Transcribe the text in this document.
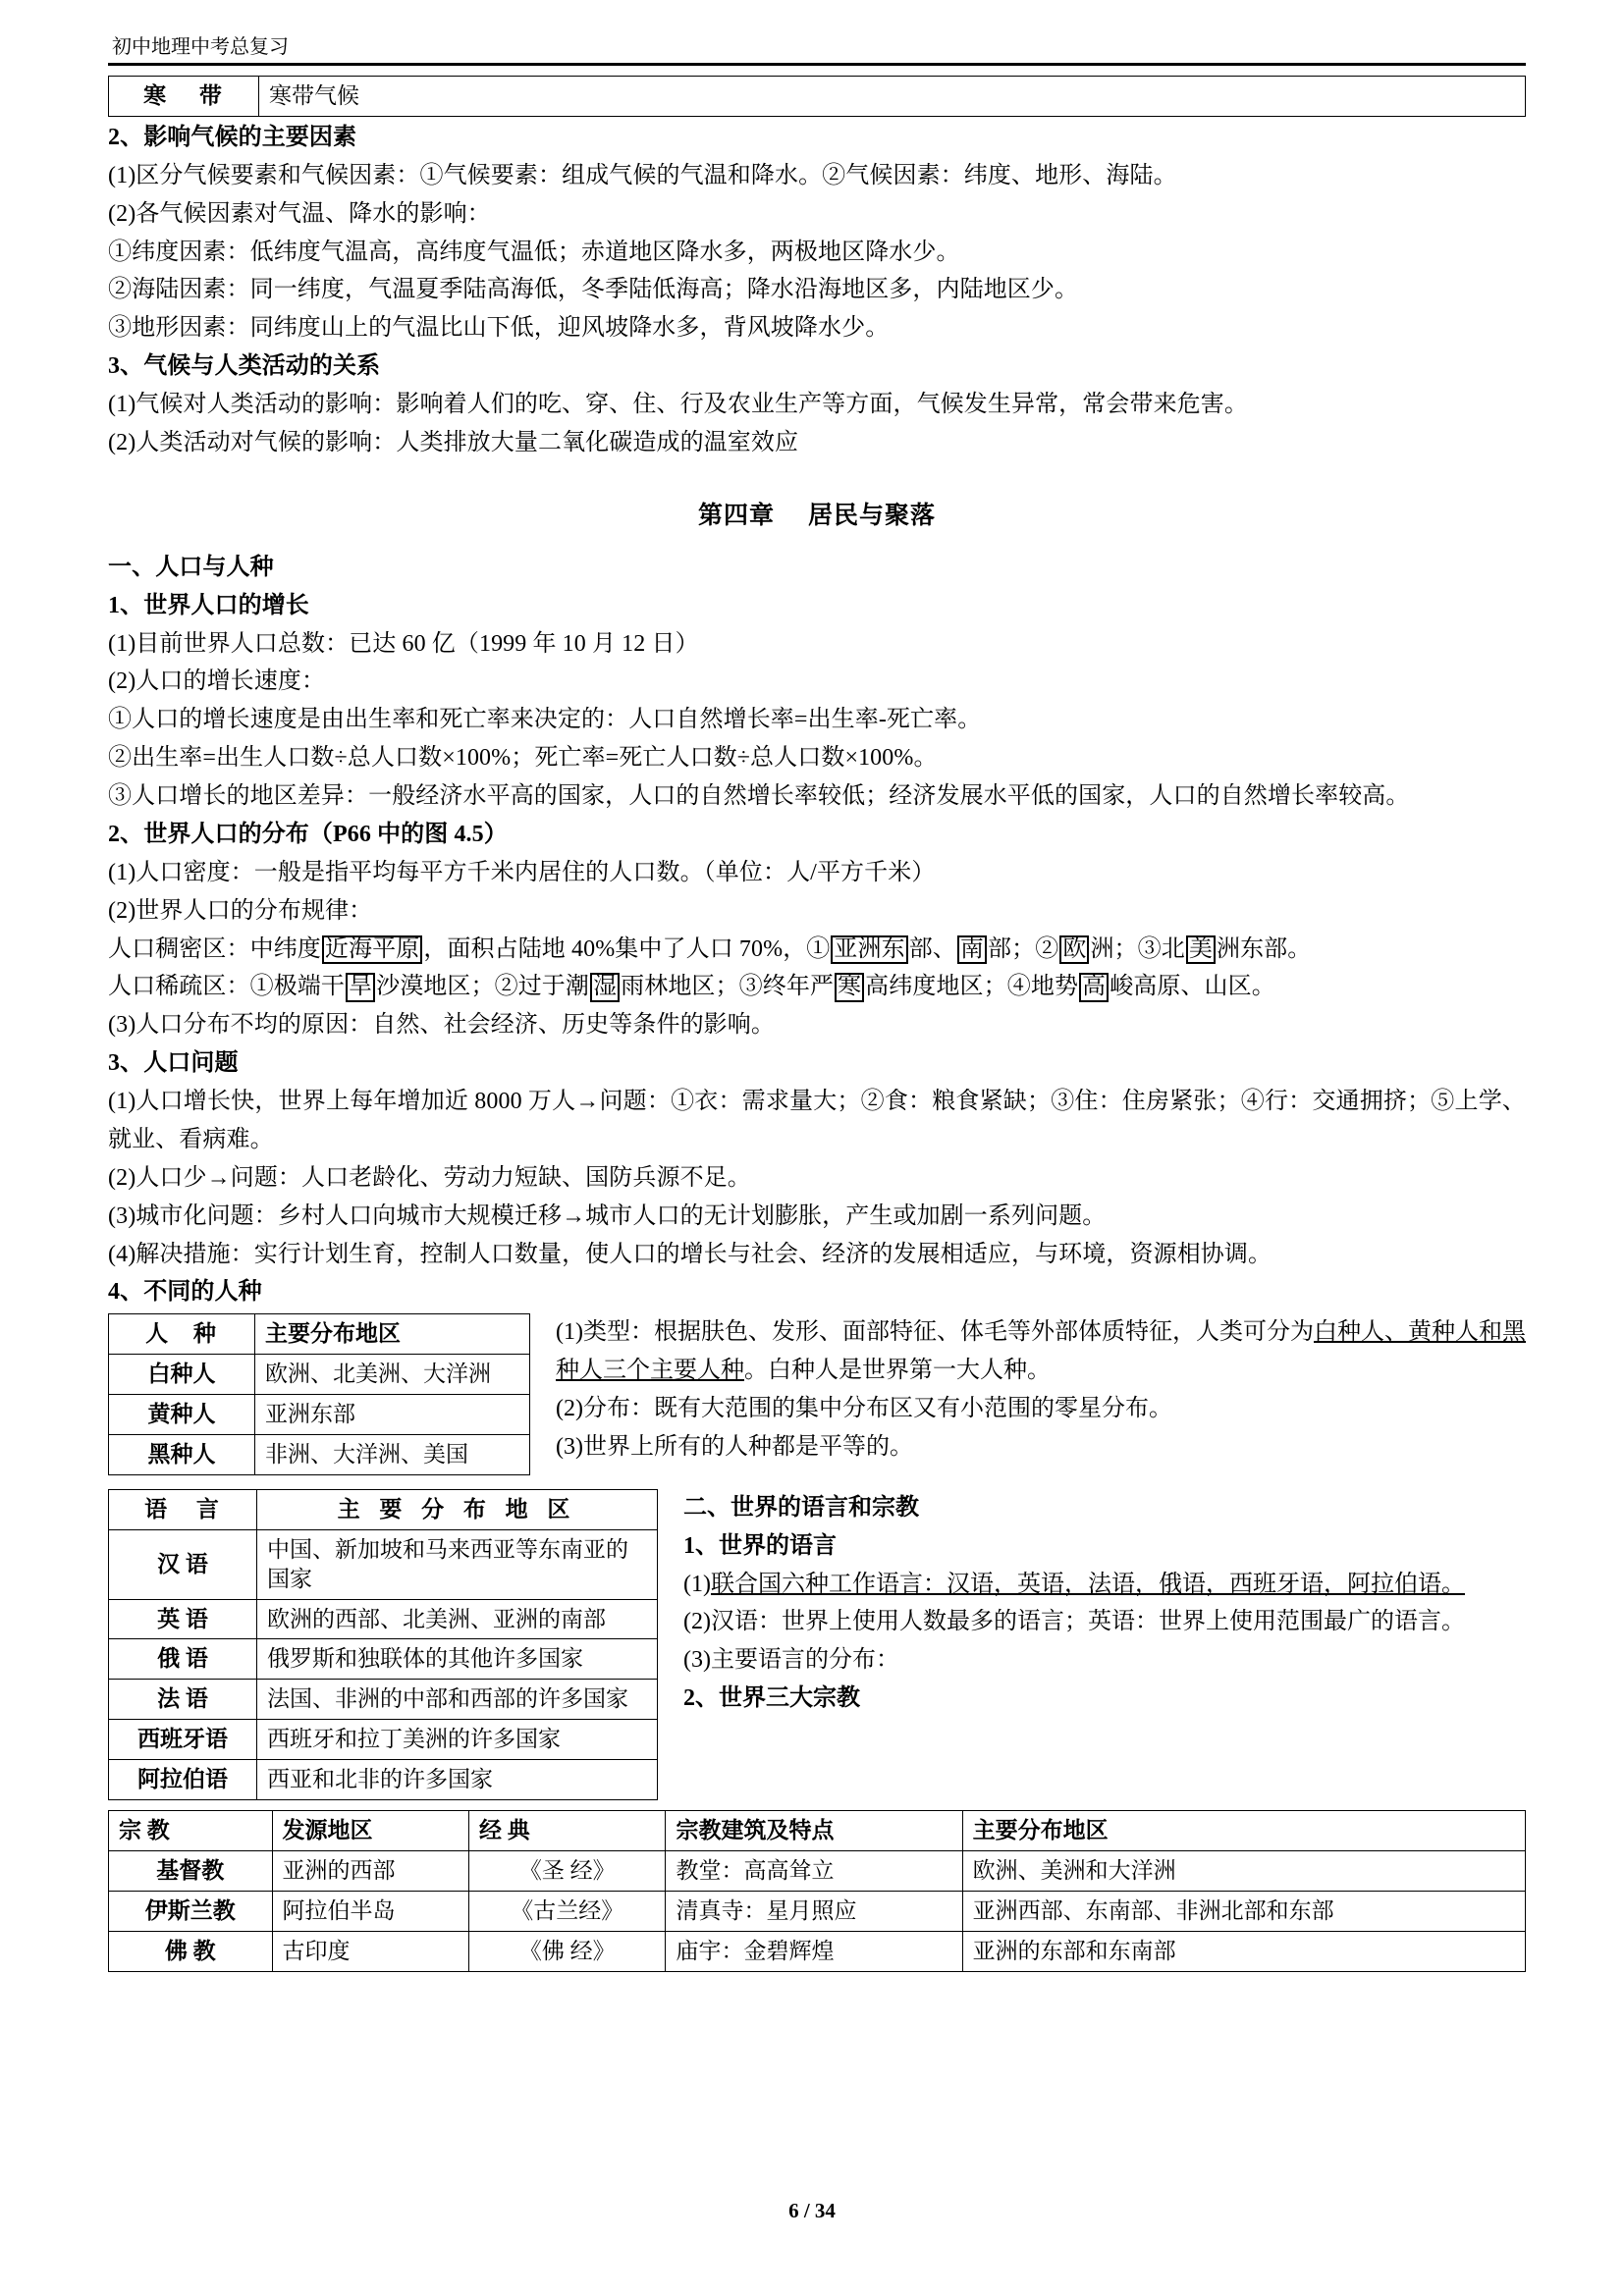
初中地理中考总复习
寒 带	寒带气候

2、影响气候的主要因素

(1)区分气候要素和气候因素：①气候要素：组成气候的气温和降水。②气候因素：纬度、地形、海陆。

(2)各气候因素对气温、降水的影响：

①纬度因素：低纬度气温高，高纬度气温低；赤道地区降水多，两极地区降水少。

②海陆因素：同一纬度，气温夏季陆高海低，冬季陆低海高；降水沿海地区多，内陆地区少。

③地形因素：同纬度山上的气温比山下低，迎风坡降水多，背风坡降水少。

3、气候与人类活动的关系

(1)气候对人类活动的影响：影响着人们的吃、穿、住、行及农业生产等方面，气候发生异常，常会带来危害。

(2)人类活动对气候的影响：人类排放大量二氧化碳造成的温室效应

第四章 居民与聚落

一、人口与人种

1、世界人口的增长

(1)目前世界人口总数：已达 60 亿（1999 年 10 月 12 日）

(2)人口的增长速度：

①人口的增长速度是由出生率和死亡率来决定的：人口自然增长率=出生率-死亡率。

②出生率=出生人口数÷总人口数×100%；死亡率=死亡人口数÷总人口数×100%。

③人口增长的地区差异：一般经济水平高的国家，人口的自然增长率较低；经济发展水平低的国家，人口的自然增长率较高。

2、世界人口的分布（P66 中的图 4.5）

(1)人口密度：一般是指平均每平方千米内居住的人口数。（单位：人/平方千米）

(2)世界人口的分布规律：

人口稠密区：中纬度 近海平原 ，面积占陆地 40%集中了人口 70%，① 亚洲东 部、 南 部；② 欧 洲；③北 美 洲东部。

人口稀疏区：①极端干 旱 沙漠地区；②过于潮 湿 雨林地区；③终年严 寒 高纬度地区；④地势 高 峻高原、山区。

(3)人口分布不均的原因：自然、社会经济、历史等条件的影响。

3、人口问题

(1)人口增长快，世界上每年增加近 8000 万人→问题：①衣：需求量大；②食：粮食紧缺；③住：住房紧张；④行：交通拥挤；⑤上学、就业、看病难。

(2)人口少→问题：人口老龄化、劳动力短缺、国防兵源不足。

(3)城市化问题：乡村人口向城市大规模迁移→城市人口的无计划膨胀，产生或加剧一系列问题。

(4)解决措施：实行计划生育，控制人口数量，使人口的增长与社会、经济的发展相适应，与环境，资源相协调。

4、不同的人种

人 种	主要分布地区
白种人	欧洲、北美洲、大洋洲
黄种人	亚洲东部
黑种人	非洲、大洋洲、美国

(1)类型：根据肤色、发形、面部特征、体毛等外部体质特征，人类可分为白种人、黄种人和黑种人三个主要人种。白种人是世界第一大人种。

(2)分布：既有大范围的集中分布区又有小范围的零星分布。

(3)世界上所有的人种都是平等的。

语 言	主 要 分 布 地 区
汉 语	中国、新加坡和马来西亚等东南亚的国家
英 语	欧洲的西部、北美洲、亚洲的南部
俄 语	俄罗斯和独联体的其他许多国家
法 语	法国、非洲的中部和西部的许多国家
西班牙语	西班牙和拉丁美洲的许多国家
阿拉伯语	西亚和北非的许多国家

二、世界的语言和宗教

1、世界的语言

(1)联合国六种工作语言：汉语，英语，法语，俄语，西班牙语，阿拉伯语。

(2)汉语：世界上使用人数最多的语言；英语：世界上使用范围最广的语言。

(3)主要语言的分布：

2、世界三大宗教

宗 教	发源地区	经 典	宗教建筑及特点	主要分布地区
基督教	亚洲的西部	《圣 经》	教堂：高高耸立	欧洲、美洲和大洋洲
伊斯兰教	阿拉伯半岛	《古兰经》	清真寺：星月照应	亚洲西部、东南部、非洲北部和东部
佛 教	古印度	《佛 经》	庙宇：金碧辉煌	亚洲的东部和东南部
6 / 34
